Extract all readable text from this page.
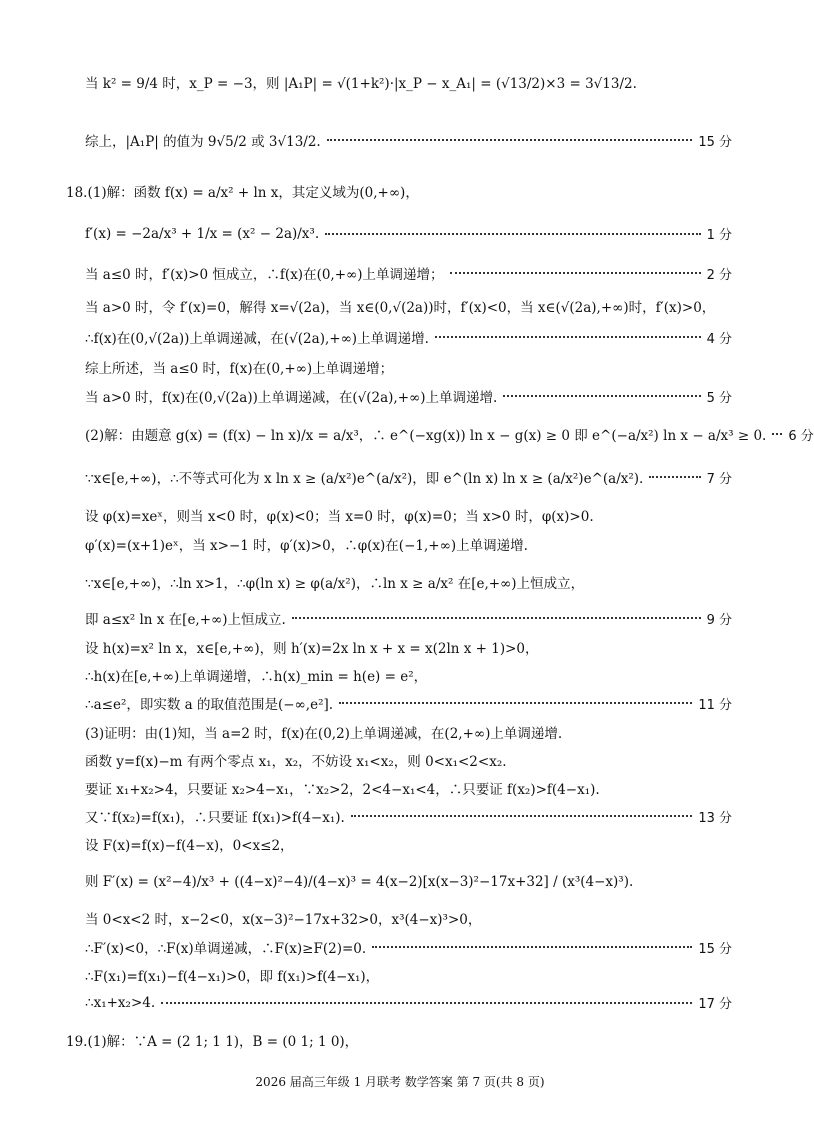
当 k² = 9/4 时，x_P = −3，则 |A₁P| = √(1+k²)·|x_P − x_A₁| = (√13/2)×3 = 3√13/2.
综上，|A₁P| 的值为 9√5/2 或 3√13/2.	15 分
18.(1)解：函数 f(x) = a/x² + ln x，其定义域为(0,+∞)，
f′(x) = −2a/x³ + 1/x = (x² − 2a)/x³.	1 分
当 a≤0 时，f′(x)>0 恒成立，∴f(x)在(0,+∞)上单调递增；	2 分
当 a>0 时，令 f′(x)=0，解得 x=√(2a)，当 x∈(0,√(2a))时，f′(x)<0，当 x∈(√(2a),+∞)时，f′(x)>0，
∴f(x)在(0,√(2a))上单调递减，在(√(2a),+∞)上单调递增.	4 分
综上所述，当 a≤0 时，f(x)在(0,+∞)上单调递增；
当 a>0 时，f(x)在(0,√(2a))上单调递减，在(√(2a),+∞)上单调递增.	5 分
(2)解：由题意 g(x) = (f(x) − ln x)/x = a/x³，∴ e^(−xg(x)) ln x − g(x) ≥ 0 即 e^(−a/x²) ln x − a/x³ ≥ 0. 6 分
∵x∈[e,+∞)，∴不等式可化为 x ln x ≥ (a/x²)e^(a/x²)，即 e^(ln x) ln x ≥ (a/x²)e^(a/x²).	7 分
设 φ(x)=xeˣ，则当 x<0 时，φ(x)<0；当 x=0 时，φ(x)=0；当 x>0 时，φ(x)>0.
φ′(x)=(x+1)eˣ，当 x>−1 时，φ′(x)>0，∴φ(x)在(−1,+∞)上单调递增.
∵x∈[e,+∞)，∴ln x>1，∴φ(ln x) ≥ φ(a/x²)，∴ln x ≥ a/x² 在[e,+∞)上恒成立，
即 a≤x² ln x 在[e,+∞)上恒成立.	9 分
设 h(x)=x² ln x，x∈[e,+∞)，则 h′(x)=2x ln x + x = x(2ln x + 1)>0，
∴h(x)在[e,+∞)上单调递增，∴h(x)_min = h(e) = e²，
∴a≤e²，即实数 a 的取值范围是(−∞,e²].	11 分
(3)证明：由(1)知，当 a=2 时，f(x)在(0,2)上单调递减，在(2,+∞)上单调递增.
函数 y=f(x)−m 有两个零点 x₁，x₂，不妨设 x₁<x₂，则 0<x₁<2<x₂.
要证 x₁+x₂>4，只要证 x₂>4−x₁，∵x₂>2，2<4−x₁<4，∴只要证 f(x₂)>f(4−x₁).
又∵f(x₂)=f(x₁)，∴只要证 f(x₁)>f(4−x₁).	13 分
设 F(x)=f(x)−f(4−x)，0<x≤2，
则 F′(x) = (x²−4)/x³ + ((4−x)²−4)/(4−x)³ = 4(x−2)[x(x−3)²−17x+32] / (x³(4−x)³).
当 0<x<2 时，x−2<0，x(x−3)²−17x+32>0，x³(4−x)³>0，
∴F′(x)<0，∴F(x)单调递减，∴F(x)≥F(2)=0.	15 分
∴F(x₁)=f(x₁)−f(4−x₁)>0，即 f(x₁)>f(4−x₁)，
∴x₁+x₂>4.	17 分
19.(1)解：∵A = (2 1; 1 1)，B = (0 1; 1 0)，
2026 届高三年级 1 月联考 数学答案 第 7 页(共 8 页)
